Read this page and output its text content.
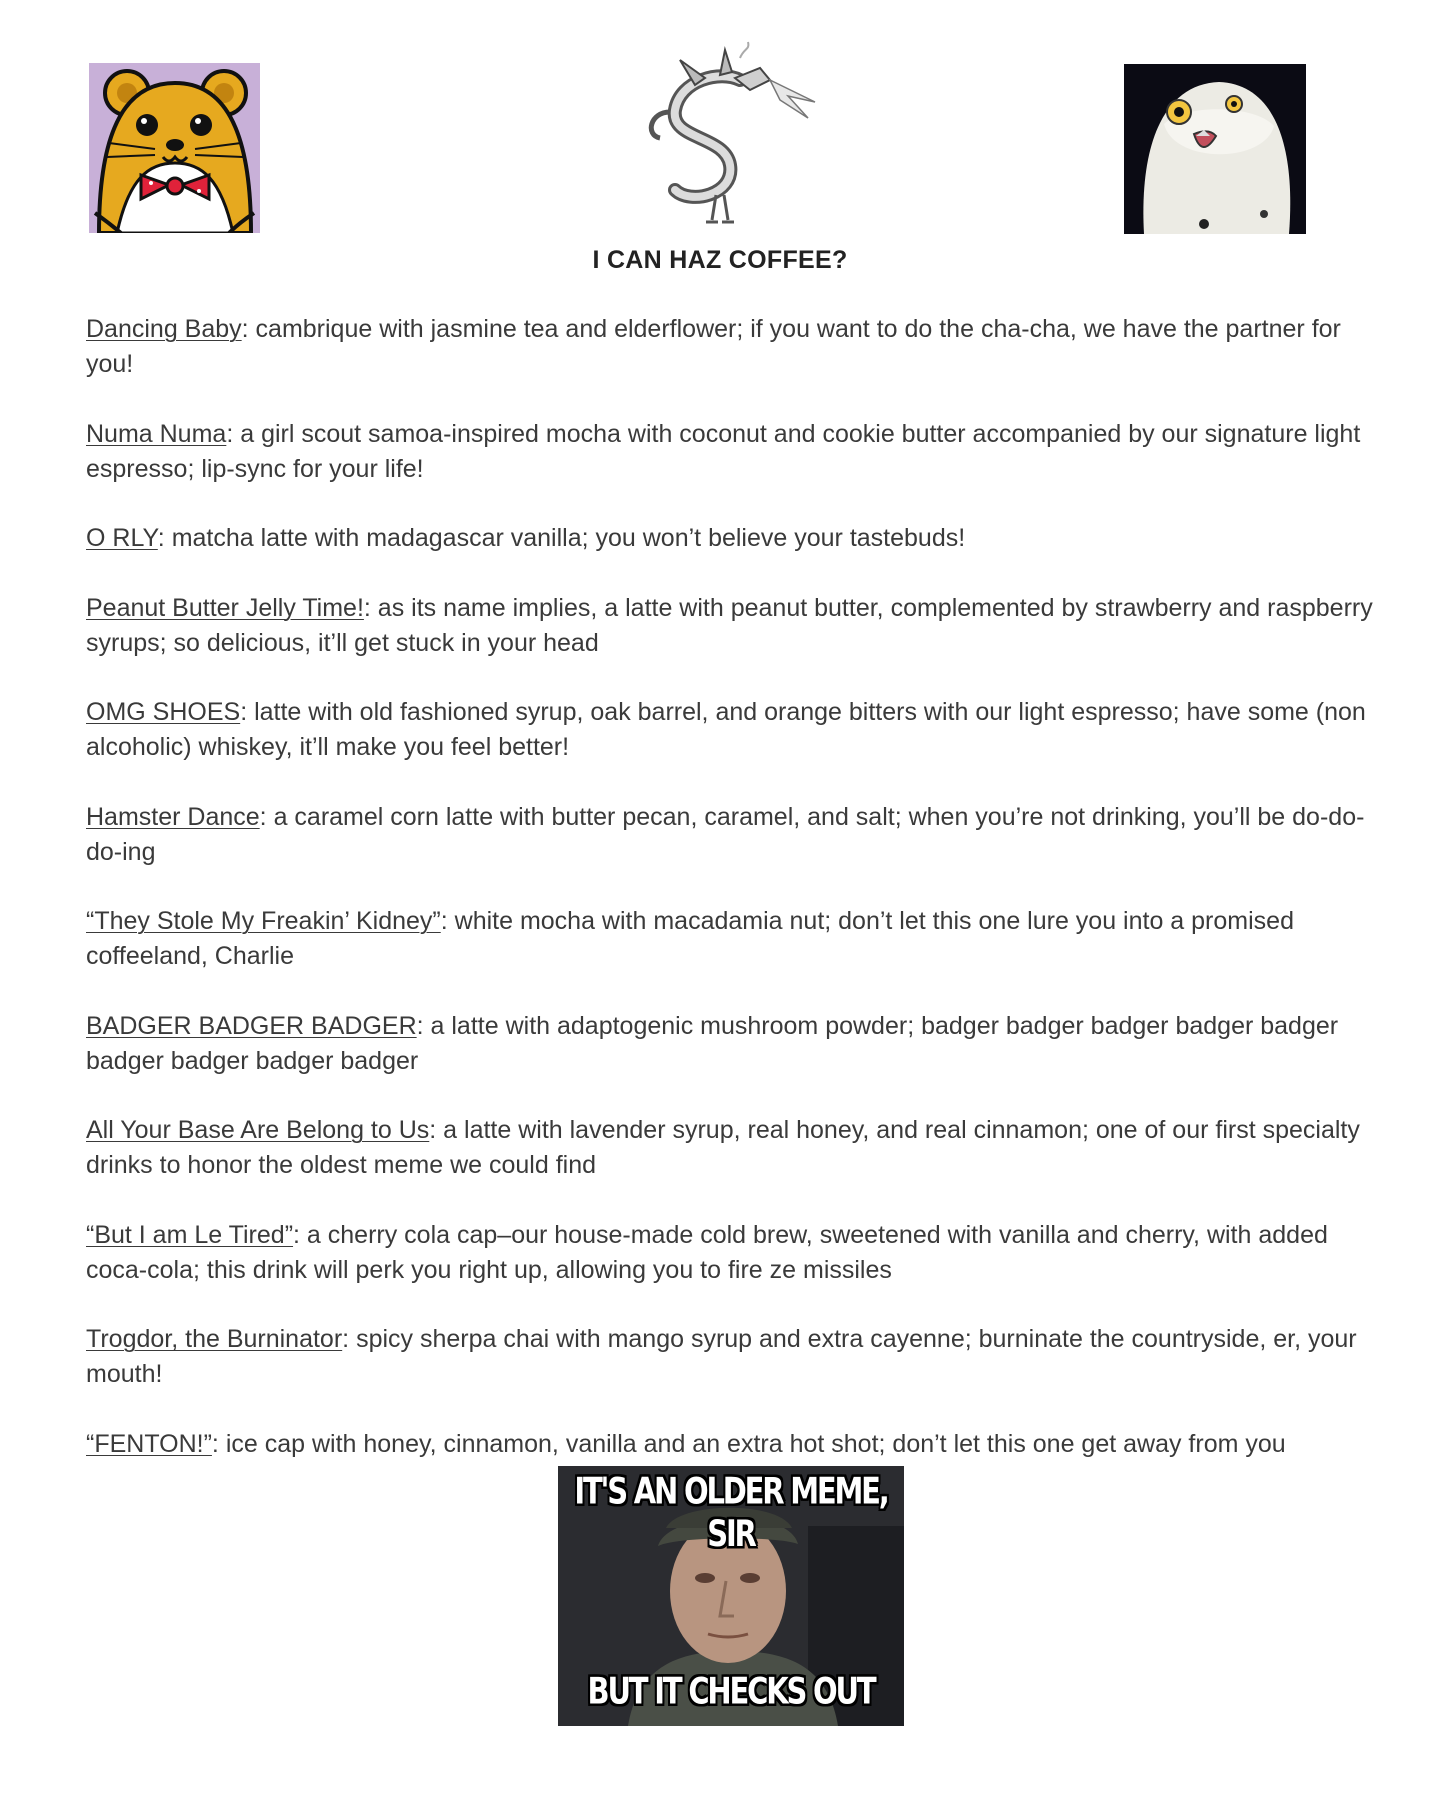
I CAN HAZ COFFEE?

Dancing Baby: cambrique with jasmine tea and elderflower; if you want to do the cha-cha, we have the partner for you!

Numa Numa: a girl scout samoa-inspired mocha with coconut and cookie butter accompanied by our signature light espresso; lip-sync for your life!

O RLY: matcha latte with madagascar vanilla; you won’t believe your tastebuds!

Peanut Butter Jelly Time!: as its name implies, a latte with peanut butter, complemented by strawberry and raspberry syrups; so delicious, it’ll get stuck in your head

OMG SHOES: latte with old fashioned syrup, oak barrel, and orange bitters with our light espresso; have some (non alcoholic) whiskey, it’ll make you feel better!

Hamster Dance: a caramel corn latte with butter pecan, caramel, and salt; when you’re not drinking, you’ll be do-do-do-ing

“They Stole My Freakin’ Kidney”: white mocha with macadamia nut; don’t let this one lure you into a promised coffeeland, Charlie

BADGER BADGER BADGER: a latte with adaptogenic mushroom powder; badger badger badger badger badger badger badger badger badger

All Your Base Are Belong to Us: a latte with lavender syrup, real honey, and real cinnamon; one of our first specialty drinks to honor the oldest meme we could find

“But I am Le Tired”: a cherry cola cap–our house-made cold brew, sweetened with vanilla and cherry, with added coca-cola; this drink will perk you right up, allowing you to fire ze missiles

Trogdor, the Burninator: spicy sherpa chai with mango syrup and extra cayenne; burninate the countryside, er, your mouth!

“FENTON!”: ice cap with honey, cinnamon, vanilla and an extra hot shot; don’t let this one get away from you

IT'S AN OLDER MEME, SIR
BUT IT CHECKS OUT
